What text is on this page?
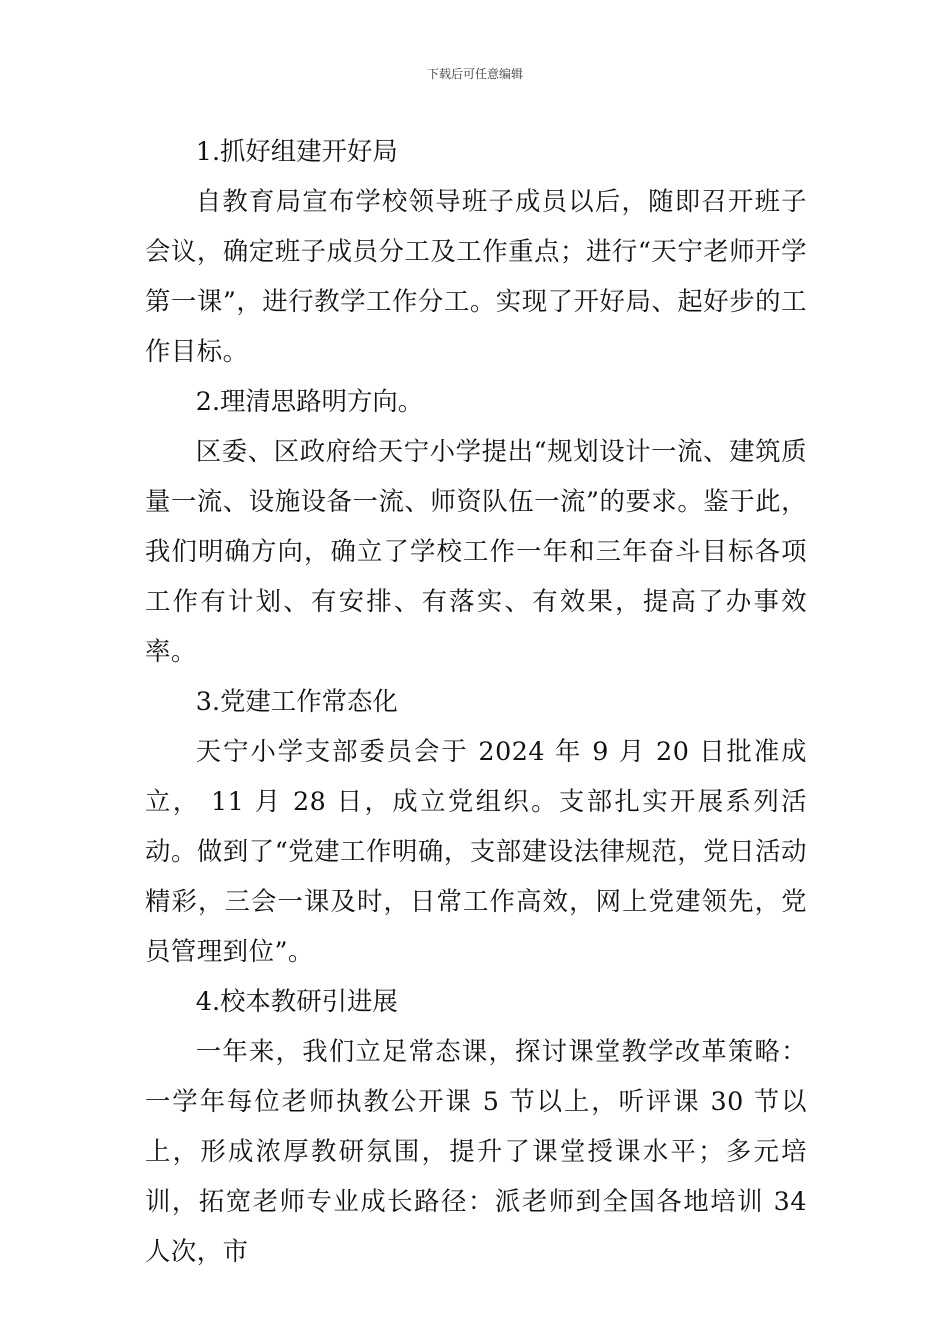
下载后可任意编辑

1.抓好组建开好局

自教育局宣布学校领导班子成员以后，随即召开班子会议，确定班子成员分工及工作重点；进行“天宁老师开学第一课”，进行教学工作分工。实现了开好局、起好步的工作目标。

2.理清思路明方向。

区委、区政府给天宁小学提出“规划设计一流、建筑质量一流、设施设备一流、师资队伍一流”的要求。鉴于此，我们明确方向，确立了学校工作一年和三年奋斗目标各项工作有计划、有安排、有落实、有效果，提高了办事效率。

3.党建工作常态化

天宁小学支部委员会于 2024 年 9 月 20 日批准成立， 11 月 28 日，成立党组织。支部扎实开展系列活动。做到了“党建工作明确，支部建设法律规范，党日活动精彩，三会一课及时，日常工作高效，网上党建领先，党员管理到位”。

4.校本教研引进展

一年来，我们立足常态课，探讨课堂教学改革策略：一学年每位老师执教公开课 5 节以上，听评课 30 节以上，形成浓厚教研氛围，提升了课堂授课水平；多元培训，拓宽老师专业成长路径：派老师到全国各地培训 34 人次，市
